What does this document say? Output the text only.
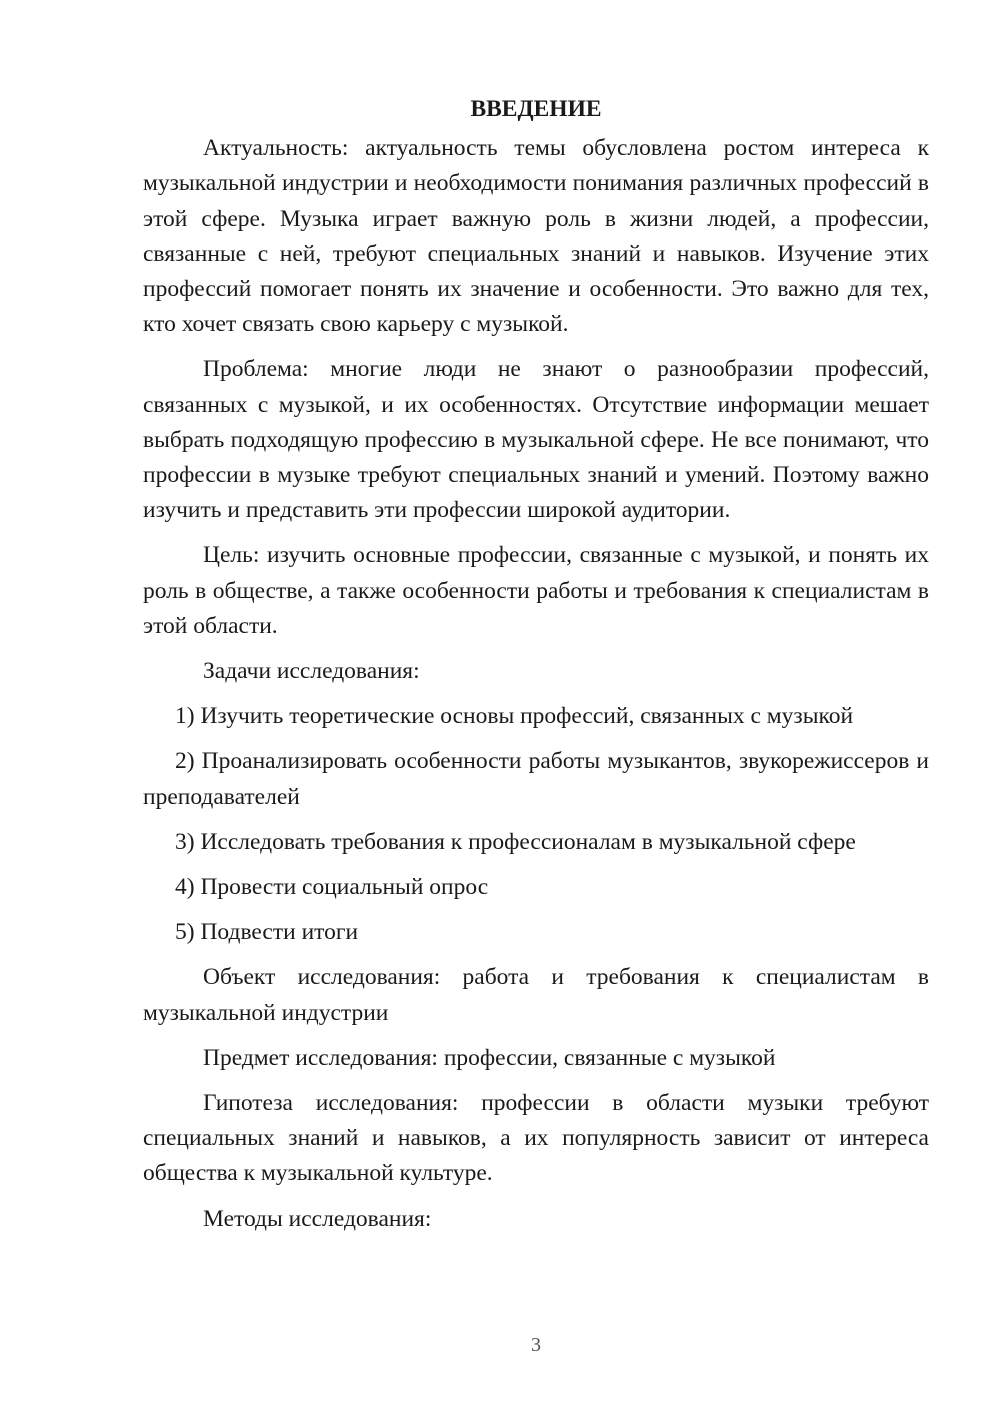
ВВЕДЕНИЕ

Актуальность: актуальность темы обусловлена ростом интереса к музыкальной индустрии и необходимости понимания различных профессий в этой сфере. Музыка играет важную роль в жизни людей, а профессии, связанные с ней, требуют специальных знаний и навыков. Изучение этих профессий помогает понять их значение и особенности. Это важно для тех, кто хочет связать свою карьеру с музыкой.

Проблема: многие люди не знают о разнообразии профессий, связанных с музыкой, и их особенностях. Отсутствие информации мешает выбрать подходящую профессию в музыкальной сфере. Не все понимают, что профессии в музыке требуют специальных знаний и умений. Поэтому важно изучить и представить эти профессии широкой аудитории.

Цель: изучить основные профессии, связанные с музыкой, и понять их роль в обществе, а также особенности работы и требования к специалистам в этой области.

Задачи исследования:

1) Изучить теоретические основы профессий, связанных с музыкой

2) Проанализировать особенности работы музыкантов, звукорежиссеров и преподавателей

3) Исследовать требования к профессионалам в музыкальной сфере

4) Провести социальный опрос

5) Подвести итоги

Объект исследования: работа и требования к специалистам в музыкальной индустрии

Предмет исследования: профессии, связанные с музыкой

Гипотеза исследования: профессии в области музыки требуют специальных знаний и навыков, а их популярность зависит от интереса общества к музыкальной культуре.

Методы исследования:

3
